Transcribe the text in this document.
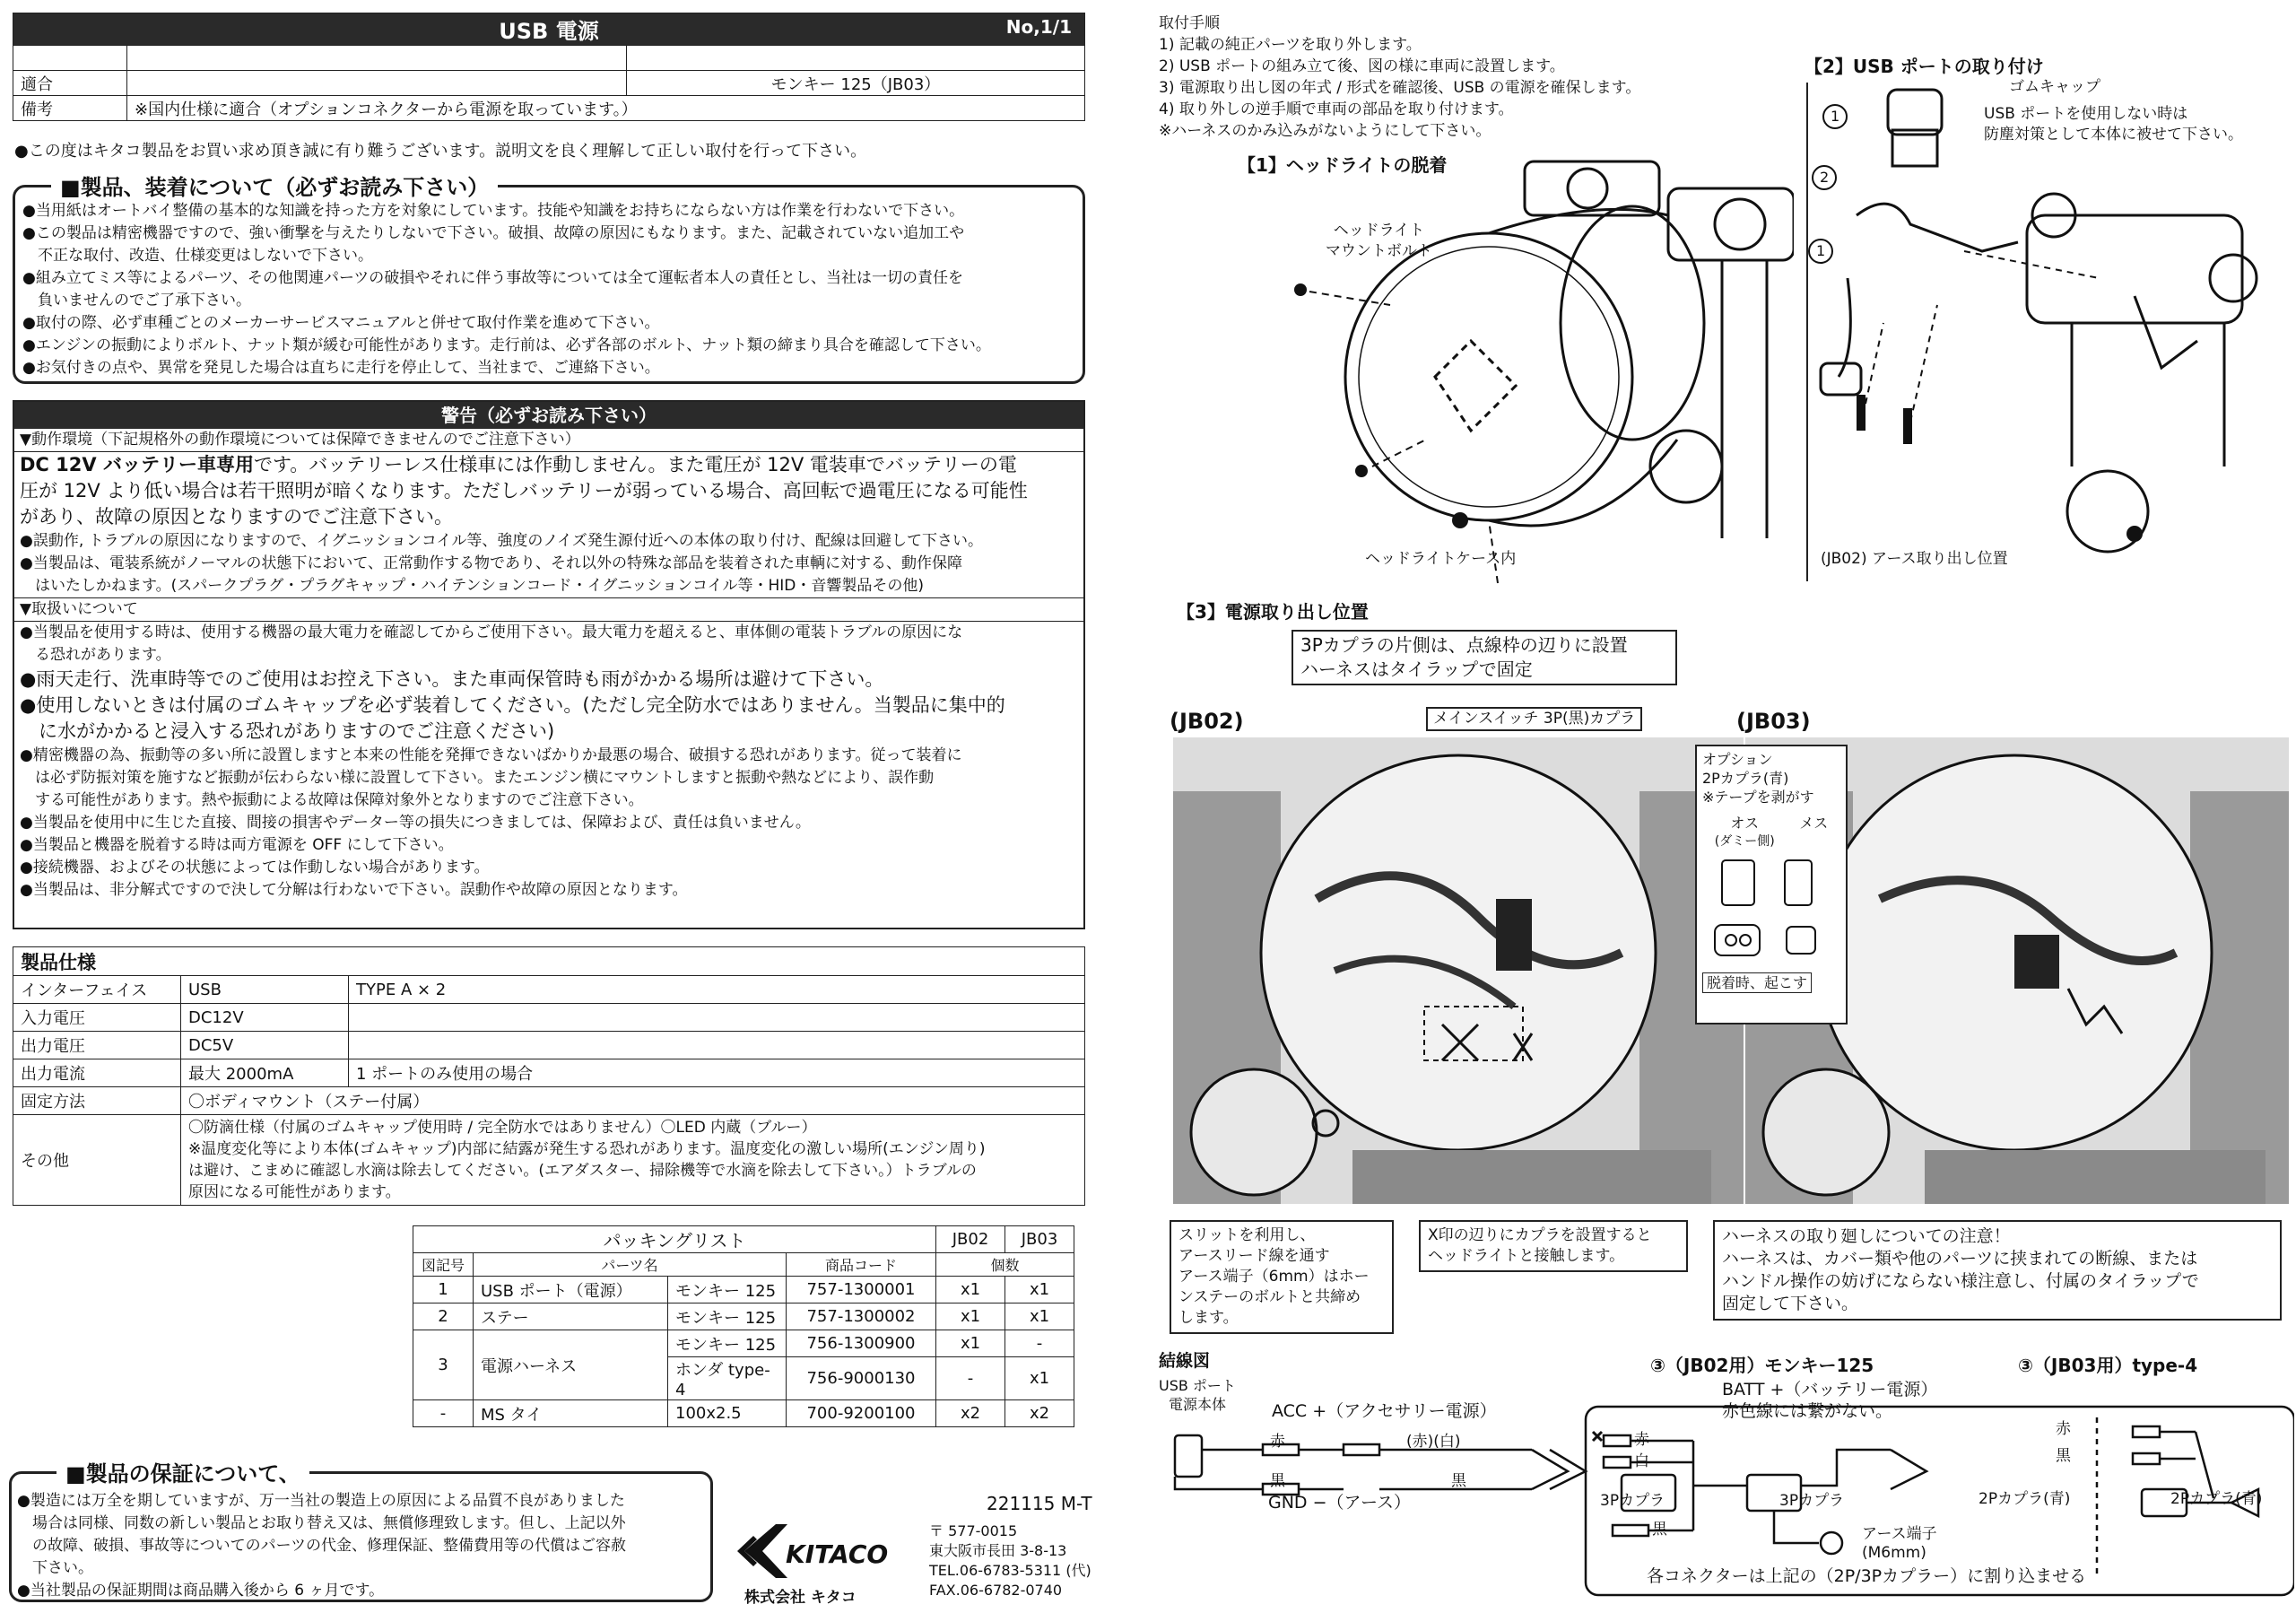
USB 電源 No,1/1		

適合		モンキー 125（JB03）
備考	※国内仕様に適合（オプションコネクターから電源を取っています。）	
●この度はキタコ製品をお買い求め頂き誠に有り難うございます。説明文を良く理解して正しい取付を行って下さい。
■製品、装着について（必ずお読み下さい）
●当用紙はオートバイ整備の基本的な知識を持った方を対象にしています。技能や知識をお持ちにならない方は作業を行わないで下さい。
●この製品は精密機器ですので、強い衝撃を与えたりしないで下さい。破損、故障の原因にもなります。また、記載されていない追加工や
　不正な取付、改造、仕様変更はしないで下さい。
●組み立てミス等によるパーツ、その他関連パーツの破損やそれに伴う事故等については全て運転者本人の責任とし、当社は一切の責任を
　負いませんのでご了承下さい。
●取付の際、必ず車種ごとのメーカーサービスマニュアルと併せて取付作業を進めて下さい。
●エンジンの振動によりボルト、ナット類が緩む可能性があります。走行前は、必ず各部のボルト、ナット類の締まり具合を確認して下さい。
●お気付きの点や、異常を発見した場合は直ちに走行を停止して、当社まで、ご連絡下さい。
警告（必ずお読み下さい）
▼動作環境（下記規格外の動作環境については保障できませんのでご注意下さい）
DC 12V バッテリー車専用です。バッテリーレス仕様車には作動しません。また電圧が 12V 電装車でバッテリーの電
圧が 12V より低い場合は若干照明が暗くなります。ただしバッテリーが弱っている場合、高回転で過電圧になる可能性
があり、故障の原因となりますのでご注意下さい。
●誤動作, トラブルの原因になりますので、イグニッションコイル等、強度のノイズ発生源付近への本体の取り付け、配線は回避して下さい。
●当製品は、電装系統がノーマルの状態下において、正常動作する物であり、それ以外の特殊な部品を装着された車輌に対する、動作保障
　はいたしかねます。(スパークプラグ・プラグキャップ・ハイテンションコード・イグニッションコイル等・HID・音響製品その他)
▼取扱いについて
●当製品を使用する時は、使用する機器の最大電力を確認してからご使用下さい。最大電力を超えると、車体側の電装トラブルの原因にな
　る恐れがあります。
●雨天走行、洗車時等でのご使用はお控え下さい。また車両保管時も雨がかかる場所は避けて下さい。
●使用しないときは付属のゴムキャップを必ず装着してください。(ただし完全防水ではありません。当製品に集中的
　に水がかかると浸入する恐れがありますのでご注意ください)
●精密機器の為、振動等の多い所に設置しますと本来の性能を発揮できないばかりか最悪の場合、破損する恐れがあります。従って装着に
　は必ず防振対策を施すなど振動が伝わらない様に設置して下さい。またエンジン横にマウントしますと振動や熱などにより、誤作動
　する可能性があります。熱や振動による故障は保障対象外となりますのでご注意下さい。
●当製品を使用中に生じた直接、間接の損害やデーター等の損失につきましては、保障および、責任は負いません。
●当製品と機器を脱着する時は両方電源を OFF にして下さい。
●接続機器、およびその状態によっては作動しない場合があります。
●当製品は、非分解式ですので決して分解は行わないで下さい。誤動作や故障の原因となります。
製品仕様		
インターフェイス	USB	TYPE A × 2
入力電圧	DC12V	
出力電圧	DC5V	
出力電流	最大 2000mA	1 ポートのみ使用の場合
固定方法	〇ボディマウント（ステー付属）	
その他	〇防滴仕様（付属のゴムキャップ使用時 / 完全防水ではありません）〇LED 内蔵（ブルー）
※温度変化等により本体(ゴムキャップ)内部に結露が発生する恐れがあります。温度変化の激しい場所(エンジン周り)
は避け、こまめに確認し水滴は除去してください。(エアダスター、掃除機等で水滴を除去して下さい。）トラブルの
原因になる可能性があります。	
パッキングリスト				JB02	JB03
図記号	パーツ名		商品コード	個数	
1	USB ポート（電源）	モンキー 125	757-1300001	x1	x1
2	ステー	モンキー 125	757-1300002	x1	x1
3	電源ハーネス	モンキー 125	756-1300900	x1	-
		ホンダ type-4	756-9000130	-	x1
-	MS タイ	100x2.5	700-9200100	x2	x2
■製品の保証について、
●製造には万全を期していますが、万一当社の製造上の原因による品質不良がありました
　場合は同様、同数の新しい製品とお取り替え又は、無償修理致します。但し、上記以外
　の故障、破損、事故等についてのパーツの代金、修理保証、整備費用等の代償はご容赦
　下さい。
●当社製品の保証期間は商品購入後から 6 ヶ月です。
221115 M-T
KITACO
株式会社 キタコ
〒 577-0015
東大阪市長田 3-8-13
TEL.06-6783-5311 (代)
FAX.06-6782-0740
取付手順
1) 記載の純正パーツを取り外します。
2) USB ポートの組み立て後、図の様に車両に設置します。
3) 電源取り出し図の年式 / 形式を確認後、USB の電源を確保します。
4) 取り外しの逆手順で車両の部品を取り付けます。
※ハーネスのかみ込みがないようにして下さい。
【1】ヘッドライトの脱着
ヘッドライト
マウントボルト
ヘッドライトケース内
【2】USB ポートの取り付け
ゴムキャップ
USB ポートを使用しない時は
防塵対策として本体に被せて下さい。
1
2
1
(JB02) アース取り出し位置
【3】電源取り出し位置
3Pカプラの片側は、点線枠の辺りに設置
ハーネスはタイラップで固定
(JB02)	(JB03)
メインスイッチ 3P(黒)カプラ
オプション
2Pカプラ(青)
※テープを剥がす
オス
(ダミー側)
メス
脱着時、起こす
スリットを利用し、
アースリード線を通す
アース端子（6mm）はホー
ンステーのボルトと共締め
します。
X印の辺りにカプラを設置すると
ヘッドライトと接触します。
ハーネスの取り廻しについての注意！
ハーネスは、カバー類や他のパーツに挟まれての断線、または
ハンドル操作の妨げにならない様注意し、付属のタイラップで
固定して下さい。
結線図
USB ポート
電源本体	ACC +（アクセサリー電源）
GND −（アース）
赤
黒
(赤)(白)
黒
③（JB02用）モンキー125
BATT +（バッテリー電源）
赤色線には繋がない。
赤
白
黒
3Pカプラ	3Pカプラ
アース端子
(M6mm)
③（JB03用）type-4
赤
黒
2Pカプラ(青)	2Pカプラ(青)
各コネクターは上記の（2P/3Pカプラー）に割り込ませる
